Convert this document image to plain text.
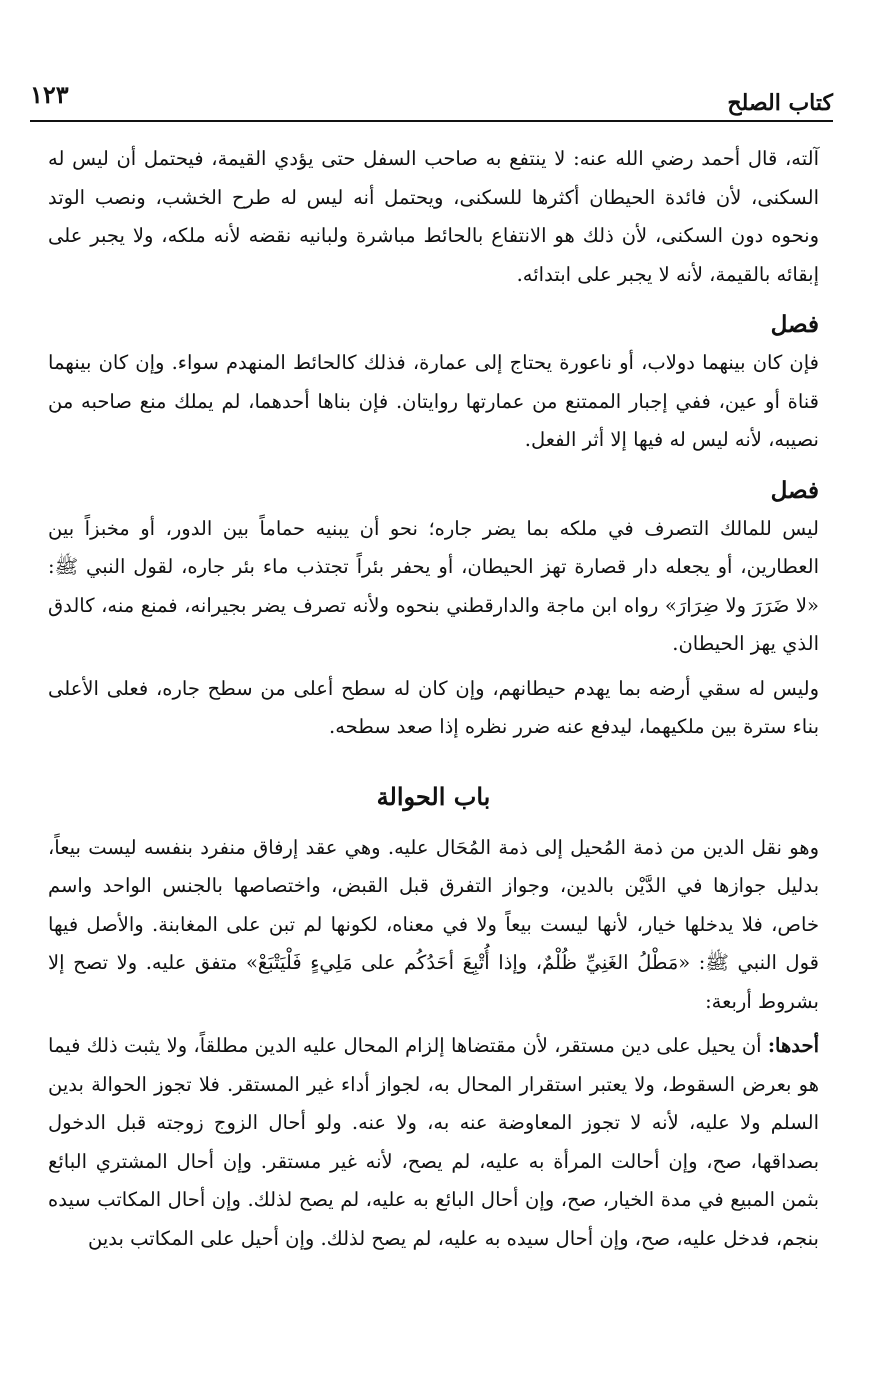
كتاب الصلح
١٢٣

آلته، قال أحمد رضي الله عنه: لا ينتفع به صاحب السفل حتى يؤدي القيمة، فيحتمل أن ليس له السكنى، لأن فائدة الحيطان أكثرها للسكنى، ويحتمل أنه ليس له طرح الخشب، ونصب الوتد ونحوه دون السكنى، لأن ذلك هو الانتفاع بالحائط مباشرة ولبانيه نقضه لأنه ملكه، ولا يجبر على إبقائه بالقيمة، لأنه لا يجبر على ابتدائه.

فصل

فإن كان بينهما دولاب، أو ناعورة يحتاج إلى عمارة، فذلك كالحائط المنهدم سواء. وإن كان بينهما قناة أو عين، ففي إجبار الممتنع من عمارتها روايتان. فإن بناها أحدهما، لم يملك منع صاحبه من نصيبه، لأنه ليس له فيها إلا أثر الفعل.

فصل

ليس للمالك التصرف في ملكه بما يضر جاره؛ نحو أن يبنيه حماماً بين الدور، أو مخبزاً بين العطارين، أو يجعله دار قصارة تهز الحيطان، أو يحفر بئراً تجتذب ماء بئر جاره، لقول النبي ﷺ: «لا ضَرَرَ ولا ضِرَارَ» رواه ابن ماجة والدارقطني بنحوه ولأنه تصرف يضر بجيرانه، فمنع منه، كالدق الذي يهز الحيطان.

وليس له سقي أرضه بما يهدم حيطانهم، وإن كان له سطح أعلى من سطح جاره، فعلى الأعلى بناء سترة بين ملكيهما، ليدفع عنه ضرر نظره إذا صعد سطحه.

باب الحوالة

وهو نقل الدين من ذمة المُحيل إلى ذمة المُحَال عليه. وهي عقد إرفاق منفرد بنفسه ليست بيعاً، بدليل جوازها في الدَّيْن بالدين، وجواز التفرق قبل القبض، واختصاصها بالجنس الواحد واسم خاص، فلا يدخلها خيار، لأنها ليست بيعاً ولا في معناه، لكونها لم تبن على المغابنة. والأصل فيها قول النبي ﷺ: «مَطْلُ الغَنِيِّ ظُلْمٌ، وإذا أُتْبِعَ أحَدُكُم على مَلِيءٍ فَلْيَتْبَعْ» متفق عليه. ولا تصح إلا بشروط أربعة:

أحدها: أن يحيل على دين مستقر، لأن مقتضاها إلزام المحال عليه الدين مطلقاً، ولا يثبت ذلك فيما هو بعرض السقوط، ولا يعتبر استقرار المحال به، لجواز أداء غير المستقر. فلا تجوز الحوالة بدين السلم ولا عليه، لأنه لا تجوز المعاوضة عنه به، ولا عنه. ولو أحال الزوج زوجته قبل الدخول بصداقها، صح، وإن أحالت المرأة به عليه، لم يصح، لأنه غير مستقر. وإن أحال المشتري البائع بثمن المبيع في مدة الخيار، صح، وإن أحال البائع به عليه، لم يصح لذلك. وإن أحال المكاتب سيده بنجم، فدخل عليه، صح، وإن أحال سيده به عليه، لم يصح لذلك. وإن أحيل على المكاتب بدين
